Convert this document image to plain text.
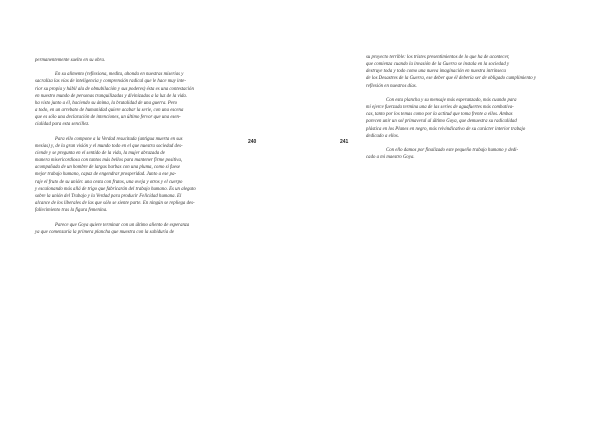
permanentemente suelto en su obra.

En su alimento (reflexiona, medita, ahonda en nuestras miserias y

sacraliza las vías de inteligencia y comprensión radical que le hace muy inte-

rior su propia y hábil ala de obnubilación y sus poderes) ésta es una contestación

en nuestro mundo de personas tranquilizadas y divinizadas a la luz de la vida.

ha visto junto a él, haciendo su ánima, la brutalidad de una guerra. Pero

a todo, en un arrebato de humanidad quiere acabar la serie, con una escena

que es sólo una declaración de intenciones, un último fervor que una esen-

cialidad para esta sencillez.

Para ello compone a la Verdad resucitada (antigua muerta en sus

mesías) y, de la gran visión y el mundo todo en el que nuestra sociedad des-

ciende y se pregunta en el sentido de la vida, la mujer abrazada de

manera misericordiosa con tantos más bellos para mantener firme positiva,

acompañada de un hombre de largas barbas con una pluma, como si fuese

mejor trabajo humano, capaz de engendrar prosperidad. Junto a ese pa-

raje el fruto de su unión: una cesta con frutos, una oveja y otros y el cuerpo

y escalonando más allá de trigo que fabricarán del trabajo humano. Es un alegato

sobre la unión del Trabajo y la Verdad para producir Felicidad humana. El

alcance de los liberales de las que sólo se siente parte. En ningún se repliega des-

fallecimiento tras la figura femenina.

Parece que Goya quiere terminar con un último aliento de esperanza

ya que comenzaría la primera plancha que muestra con la sabiduría de

240	241

su proyecto terrible: los tristes presentimientos de lo que ha de acontecer,

que comienza cuando la invasión de la Guerra se instala en la sociedad y

destruye toda y todo como una nueva imaginación en nuestra intrínseca

de los Desastres de la Guerra, ese deber que él debería ser de obligado cumplimiento y

reflexión en nuestros días.

Con esta plancha y su mensaje más esperanzado, más cuando para

mí ejerce fuerzada termina una de las series de aguafuertes más combativa-

cas, tanto por los temas como por la actitud que toma frente a ellos. Ambas

parecen unir un sol primaveral al último Goya, que demuestra su radicalidad

plástica en los Planes en negro, más reivindicativo de su carácter interior trabajo

dedicado a ellos.

Con ello damos por finalizado este pequeño trabajo humano y dedi-

cado a mi maestro Goya.
